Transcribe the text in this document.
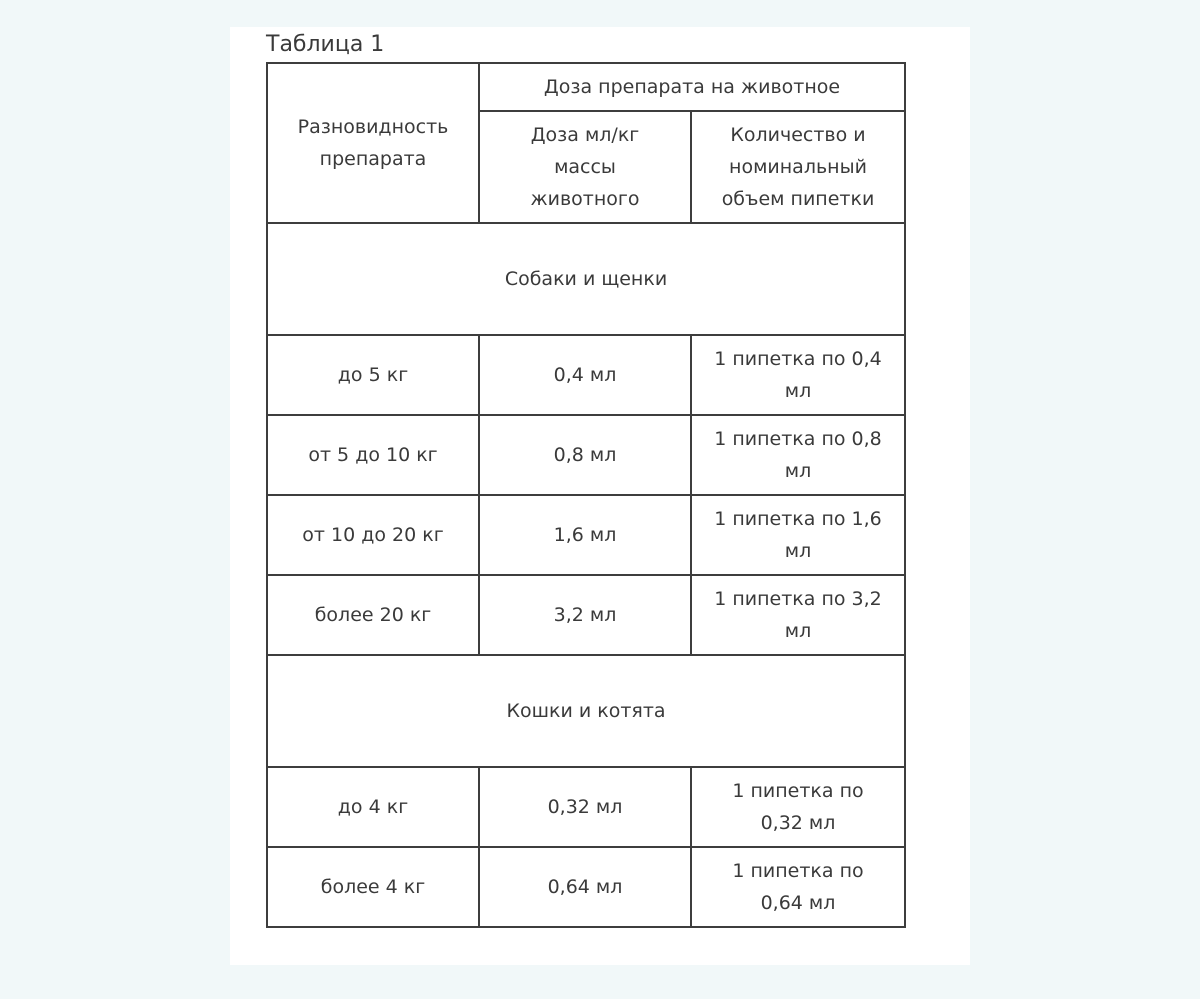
Таблица 1
Разновидность препарата	Доза препарата на животное	
	Доза мл/кг массы животного	Количество и номинальный объем пипетки
Собаки и щенки		
до 5 кг	0,4 мл	1 пипетка по 0,4 мл
от 5 до 10 кг	0,8 мл	1 пипетка по 0,8 мл
от 10 до 20 кг	1,6 мл	1 пипетка по 1,6 мл
более 20 кг	3,2 мл	1 пипетка по 3,2 мл
Кошки и котята		
до 4 кг	0,32 мл	1 пипетка по 0,32 мл
более 4 кг	0,64 мл	1 пипетка по 0,64 мл
